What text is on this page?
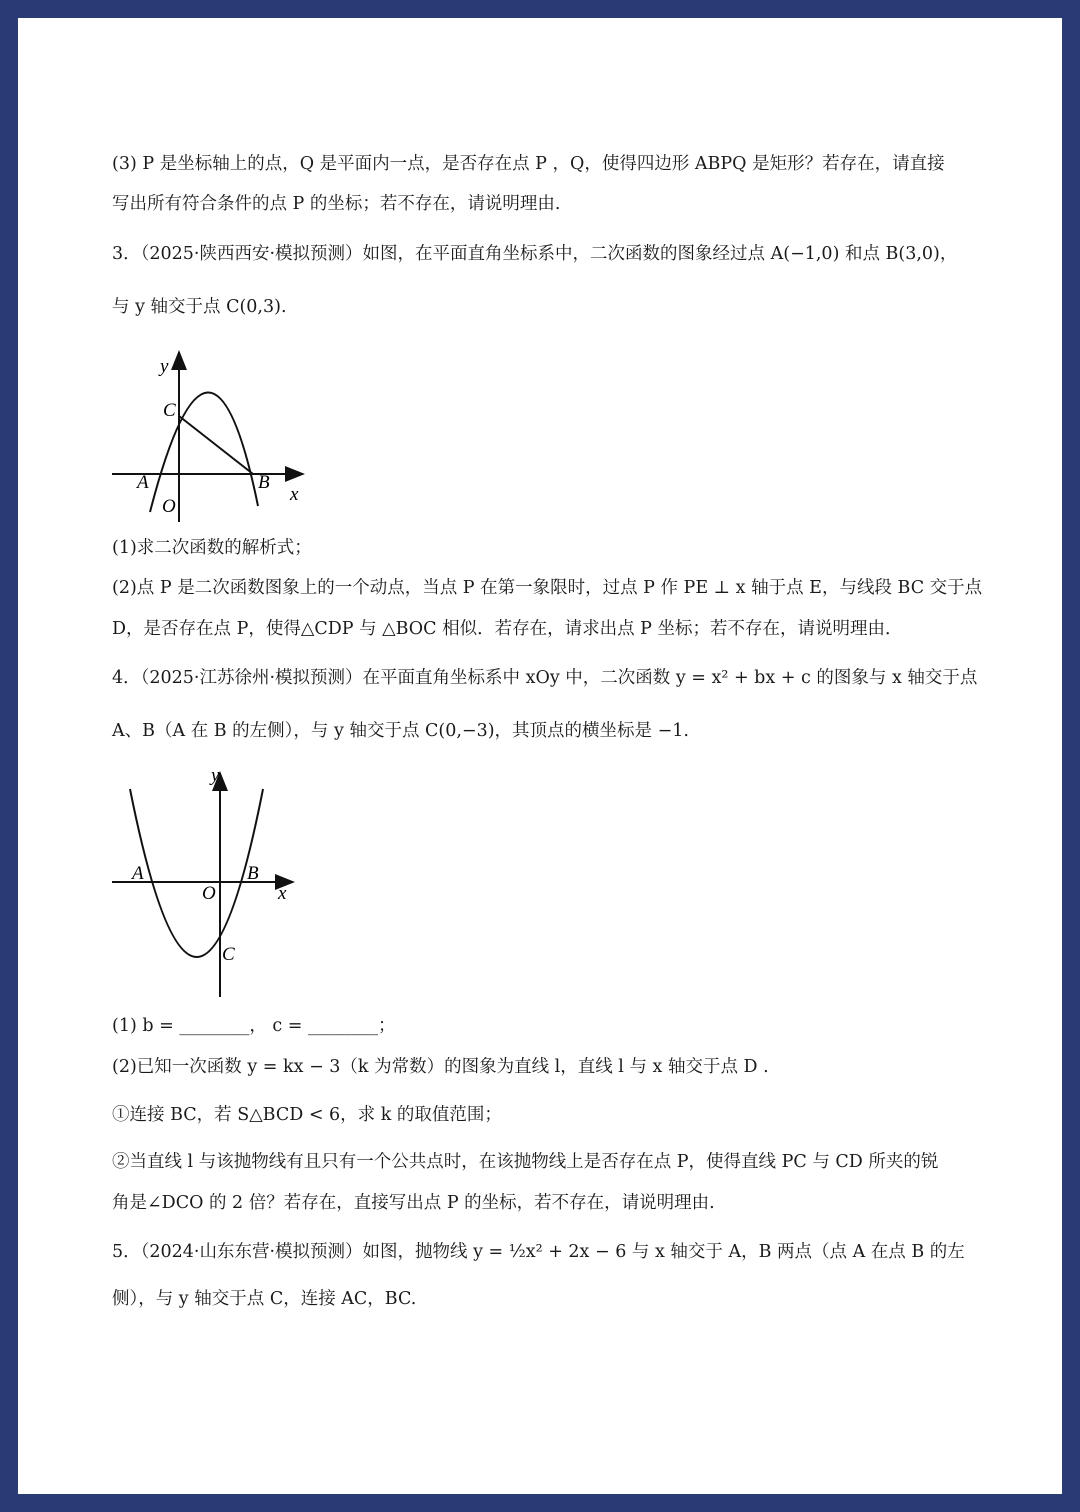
(3) P 是坐标轴上的点，Q 是平面内一点，是否存在点 P ，Q，使得四边形 ABPQ 是矩形？若存在，请直接
写出所有符合条件的点 P 的坐标；若不存在，请说明理由.
3．（2025·陕西西安·模拟预测）如图，在平面直角坐标系中，二次函数的图象经过点 A(−1,0) 和点 B(3,0)，
与 y 轴交于点 C(0,3).
y
x
C
A	B
O
(1)求二次函数的解析式；
(2)点 P 是二次函数图象上的一个动点，当点 P 在第一象限时，过点 P 作 PE ⊥ x 轴于点 E，与线段 BC 交于点
D，是否存在点 P，使得△CDP 与 △BOC 相似．若存在，请求出点 P 坐标；若不存在，请说明理由．
4．（2025·江苏徐州·模拟预测）在平面直角坐标系中 xOy 中，二次函数 y = x² + bx + c 的图象与 x 轴交于点
A、B（A 在 B 的左侧），与 y 轴交于点 C(0,−3)，其顶点的横坐标是 −1.
y
x
A	B
O
C
(1) b = ________， c = ________；
(2)已知一次函数 y = kx − 3（k 为常数）的图象为直线 l，直线 l 与 x 轴交于点 D .
①连接 BC，若 S△BCD < 6，求 k 的取值范围；
②当直线 l 与该抛物线有且只有一个公共点时，在该抛物线上是否存在点 P，使得直线 PC 与 CD 所夹的锐
角是∠DCO 的 2 倍？若存在，直接写出点 P 的坐标，若不存在，请说明理由.
5．（2024·山东东营·模拟预测）如图，抛物线 y = ½x² + 2x − 6 与 x 轴交于 A，B 两点（点 A 在点 B 的左
侧），与 y 轴交于点 C，连接 AC，BC.
